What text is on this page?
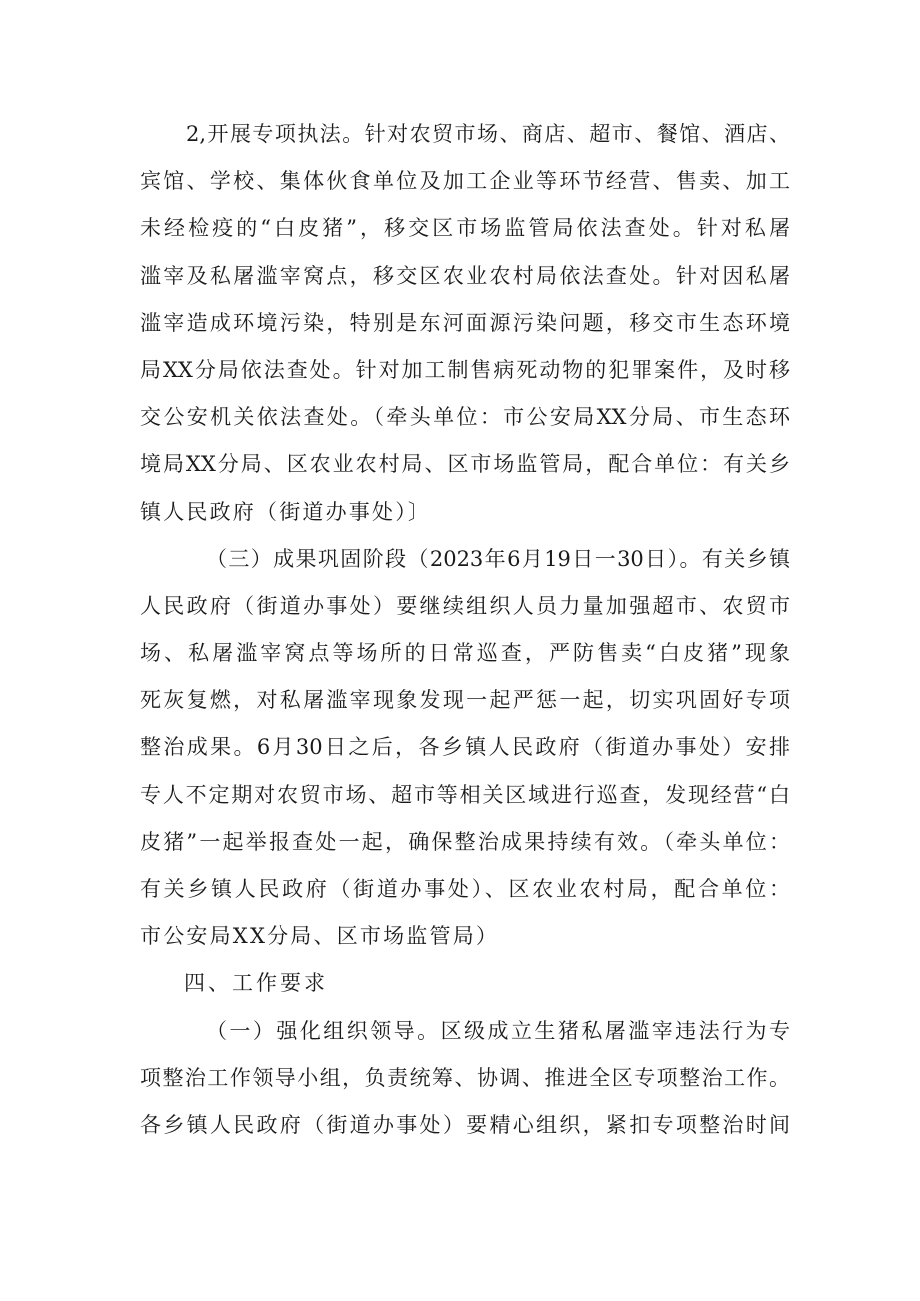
2,开展专项执法。针对农贸市场、商店、超市、餐馆、酒店、
宾馆、学校、集体伙食单位及加工企业等环节经营、售卖、加工
未经检疫的“白皮猪”，移交区市场监管局依法查处。针对私屠
滥宰及私屠滥宰窝点，移交区农业农村局依法查处。针对因私屠
滥宰造成环境污染，特别是东河面源污染问题，移交市生态环境
局XX分局依法查处。针对加工制售病死动物的犯罪案件，及时移
交公安机关依法查处。（牵头单位：市公安局XX分局、市生态环
境局XX分局、区农业农村局、区市场监管局，配合单位：有关乡
镇人民政府（街道办事处）〕
（三）成果巩固阶段（2023年6月19日一30日）。有关乡镇
人民政府（街道办事处）要继续组织人员力量加强超市、农贸市
场、私屠滥宰窝点等场所的日常巡查，严防售卖“白皮猪”现象
死灰复燃，对私屠滥宰现象发现一起严惩一起，切实巩固好专项
整治成果。6月30日之后，各乡镇人民政府（街道办事处）安排
专人不定期对农贸市场、超市等相关区域进行巡查，发现经营“白
皮猪”一起举报查处一起，确保整治成果持续有效。（牵头单位：
有关乡镇人民政府（街道办事处）、区农业农村局，配合单位：
市公安局XX分局、区市场监管局）
四、工作要求
（一）强化组织领导。区级成立生猪私屠滥宰违法行为专
项整治工作领导小组，负责统筹、协调、推进全区专项整治工作。
各乡镇人民政府（街道办事处）要精心组织，紧扣专项整治时间
